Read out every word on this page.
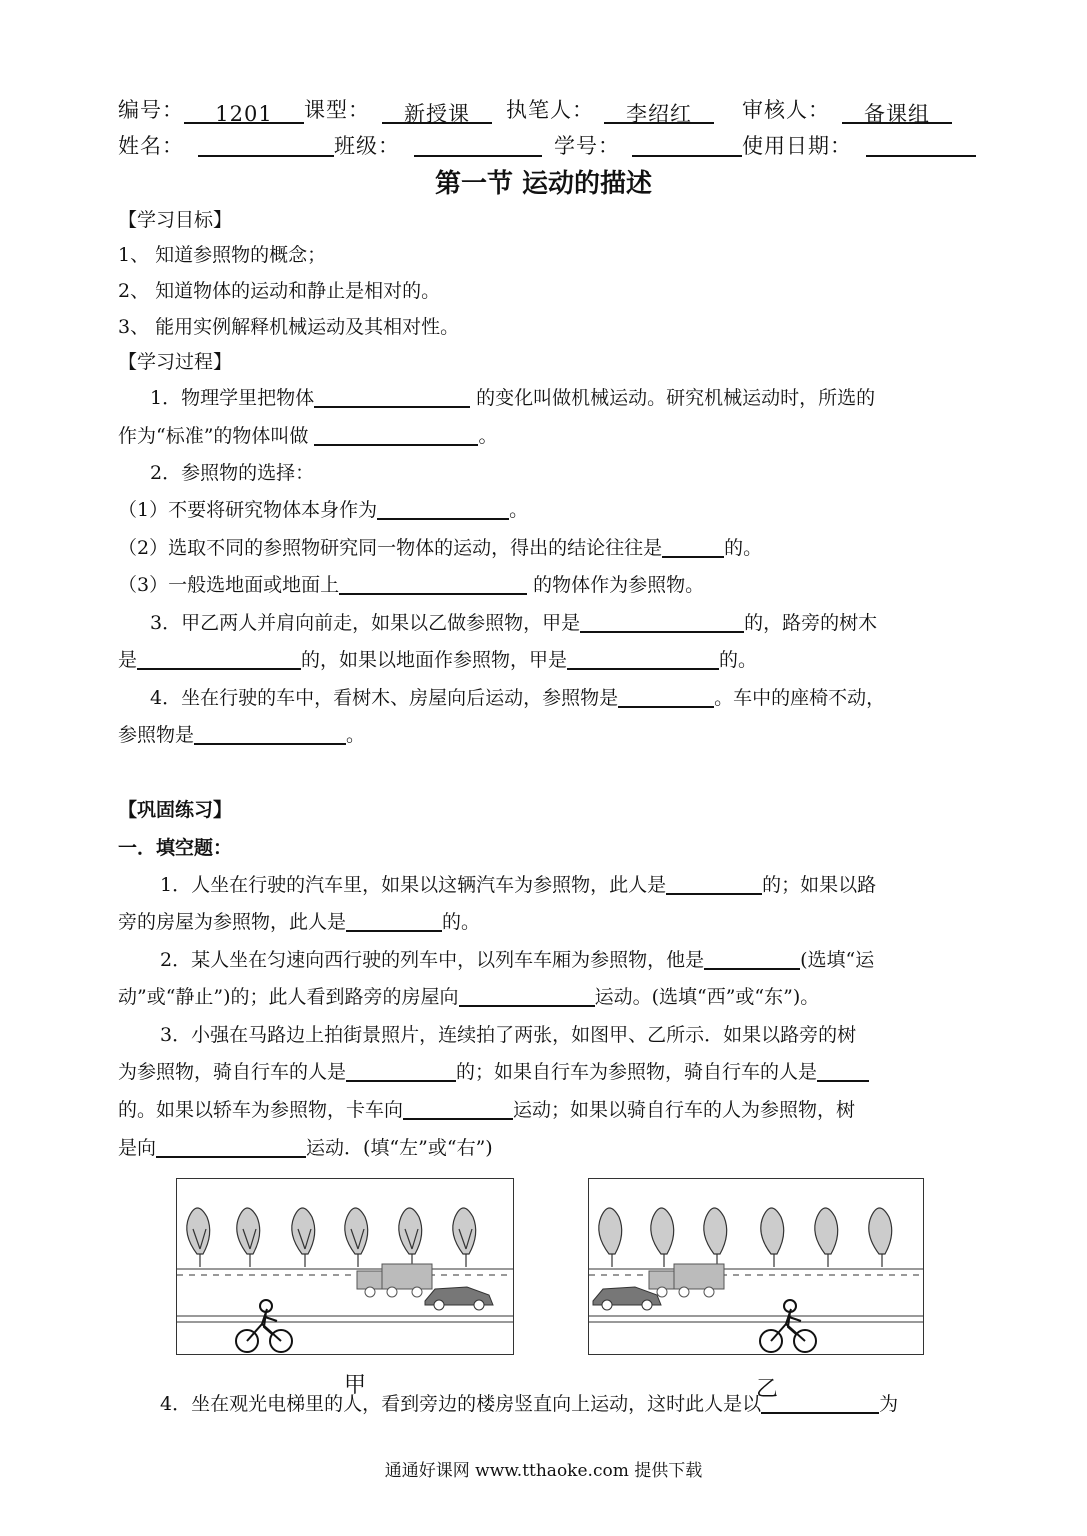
编号： 1201 课型： 新授课 执笔人： 李绍红 审核人： 备课组
姓名：	班级：	学号：	使用日期：
第一节 运动的描述
【学习目标】
1、 知道参照物的概念；
2、 知道物体的运动和静止是相对的。
3、 能用实例解释机械运动及其相对性。
【学习过程】
1．物理学里把物体	的变化叫做机械运动。研究机械运动时，所选的
作为“标准”的物体叫做	。
2．参照物的选择：
（1）不要将研究物体本身作为	。
（2）选取不同的参照物研究同一物体的运动，得出的结论往往是	的。
（3）一般选地面或地面上	的物体作为参照物。
3．甲乙两人并肩向前走，如果以乙做参照物，甲是	的，路旁的树木
是	的，如果以地面作参照物，甲是	的。
4．坐在行驶的车中，看树木、房屋向后运动，参照物是	。车中的座椅不动，
参照物是	。
【巩固练习】
一．填空题：
1．人坐在行驶的汽车里，如果以这辆汽车为参照物，此人是	的；如果以路
旁的房屋为参照物，此人是	的。
2．某人坐在匀速向西行驶的列车中，以列车车厢为参照物，他是	(选填“运
动”或“静止”)的；此人看到路旁的房屋向	运动。(选填“西”或“东”)。
3．小强在马路边上拍街景照片，连续拍了两张，如图甲、乙所示．如果以路旁的树
为参照物，骑自行车的人是	的；如果自行车为参照物，骑自行车的人是
的。如果以轿车为参照物，卡车向	运动；如果以骑自行车的人为参照物，树
是向	运动．(填“左”或“右”)
甲	乙
4．坐在观光电梯里的人，看到旁边的楼房竖直向上运动，这时此人是以	为
通通好课网 www.tthaoke.com 提供下载
